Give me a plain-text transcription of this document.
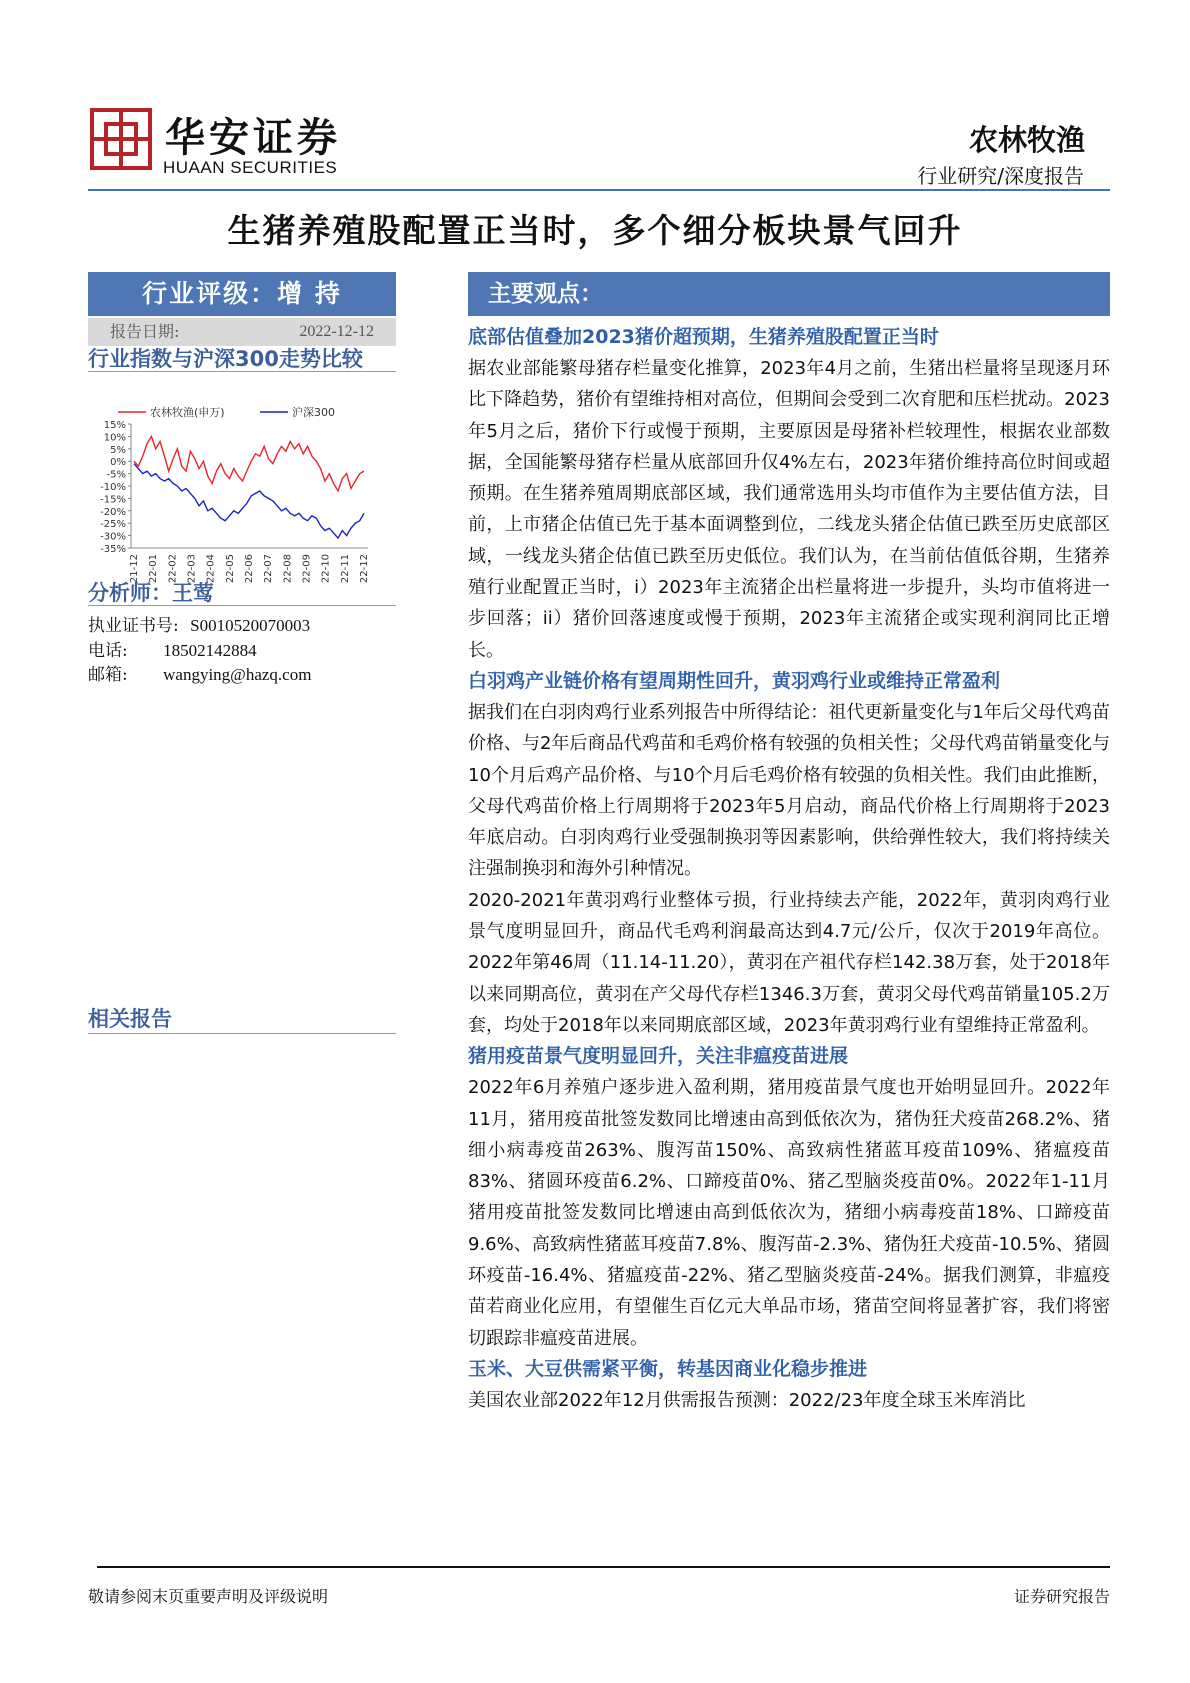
华安证券
HUAAN SECURITIES
农林牧渔
行业研究/深度报告
生猪养殖股配置正当时，多个细分板块景气回升
行业评级：增 持
报告日期:	2022-12-12
行业指数与沪深300走势比较
农林牧渔(申万)	沪深300
15%
10%
5%
0%
-5%
-10%
-15%
-20%
-25%
-30%
-35%
21-12 22-01 22-02 22-03 22-04 22-05 22-06 22-07 22-08 22-09 22-10 22-11 22-12
分析师：王莺
执业证书号: S0010520070003
电话: 18502142884
邮箱: wangying@hazq.com
相关报告
主要观点：
底部估值叠加2023猪价超预期，生猪养殖股配置正当时
据农业部能繁母猪存栏量变化推算，2023年4月之前，生猪出栏量将呈现逐月环比下降趋势，猪价有望维持相对高位，但期间会受到二次育肥和压栏扰动。2023年5月之后，猪价下行或慢于预期，主要原因是母猪补栏较理性，根据农业部数据，全国能繁母猪存栏量从底部回升仅4%左右，2023年猪价维持高位时间或超预期。在生猪养殖周期底部区域，我们通常选用头均市值作为主要估值方法，目前，上市猪企估值已先于基本面调整到位，二线龙头猪企估值已跌至历史底部区域，一线龙头猪企估值已跌至历史低位。我们认为，在当前估值低谷期，生猪养殖行业配置正当时，i）2023年主流猪企出栏量将进一步提升，头均市值将进一步回落；ii）猪价回落速度或慢于预期，2023年主流猪企或实现利润同比正增长。
白羽鸡产业链价格有望周期性回升，黄羽鸡行业或维持正常盈利
据我们在白羽肉鸡行业系列报告中所得结论：祖代更新量变化与1年后父母代鸡苗价格、与2年后商品代鸡苗和毛鸡价格有较强的负相关性；父母代鸡苗销量变化与10个月后鸡产品价格、与10个月后毛鸡价格有较强的负相关性。我们由此推断，父母代鸡苗价格上行周期将于2023年5月启动，商品代价格上行周期将于2023年底启动。白羽肉鸡行业受强制换羽等因素影响，供给弹性较大，我们将持续关注强制换羽和海外引种情况。
2020-2021年黄羽鸡行业整体亏损，行业持续去产能，2022年，黄羽肉鸡行业景气度明显回升，商品代毛鸡利润最高达到4.7元/公斤，仅次于2019年高位。2022年第46周（11.14-11.20），黄羽在产祖代存栏142.38万套，处于2018年以来同期高位，黄羽在产父母代存栏1346.3万套，黄羽父母代鸡苗销量105.2万套，均处于2018年以来同期底部区域，2023年黄羽鸡行业有望维持正常盈利。
猪用疫苗景气度明显回升，关注非瘟疫苗进展
2022年6月养殖户逐步进入盈利期，猪用疫苗景气度也开始明显回升。2022年11月，猪用疫苗批签发数同比增速由高到低依次为，猪伪狂犬疫苗268.2%、猪细小病毒疫苗263%、腹泻苗150%、高致病性猪蓝耳疫苗109%、猪瘟疫苗83%、猪圆环疫苗6.2%、口蹄疫苗0%、猪乙型脑炎疫苗0%。2022年1-11月猪用疫苗批签发数同比增速由高到低依次为，猪细小病毒疫苗18%、口蹄疫苗9.6%、高致病性猪蓝耳疫苗7.8%、腹泻苗-2.3%、猪伪狂犬疫苗-10.5%、猪圆环疫苗-16.4%、猪瘟疫苗-22%、猪乙型脑炎疫苗-24%。据我们测算，非瘟疫苗若商业化应用，有望催生百亿元大单品市场，猪苗空间将显著扩容，我们将密切跟踪非瘟疫苗进展。
玉米、大豆供需紧平衡，转基因商业化稳步推进
美国农业部2022年12月供需报告预测：2022/23年度全球玉米库消比
敬请参阅末页重要声明及评级说明	证券研究报告
